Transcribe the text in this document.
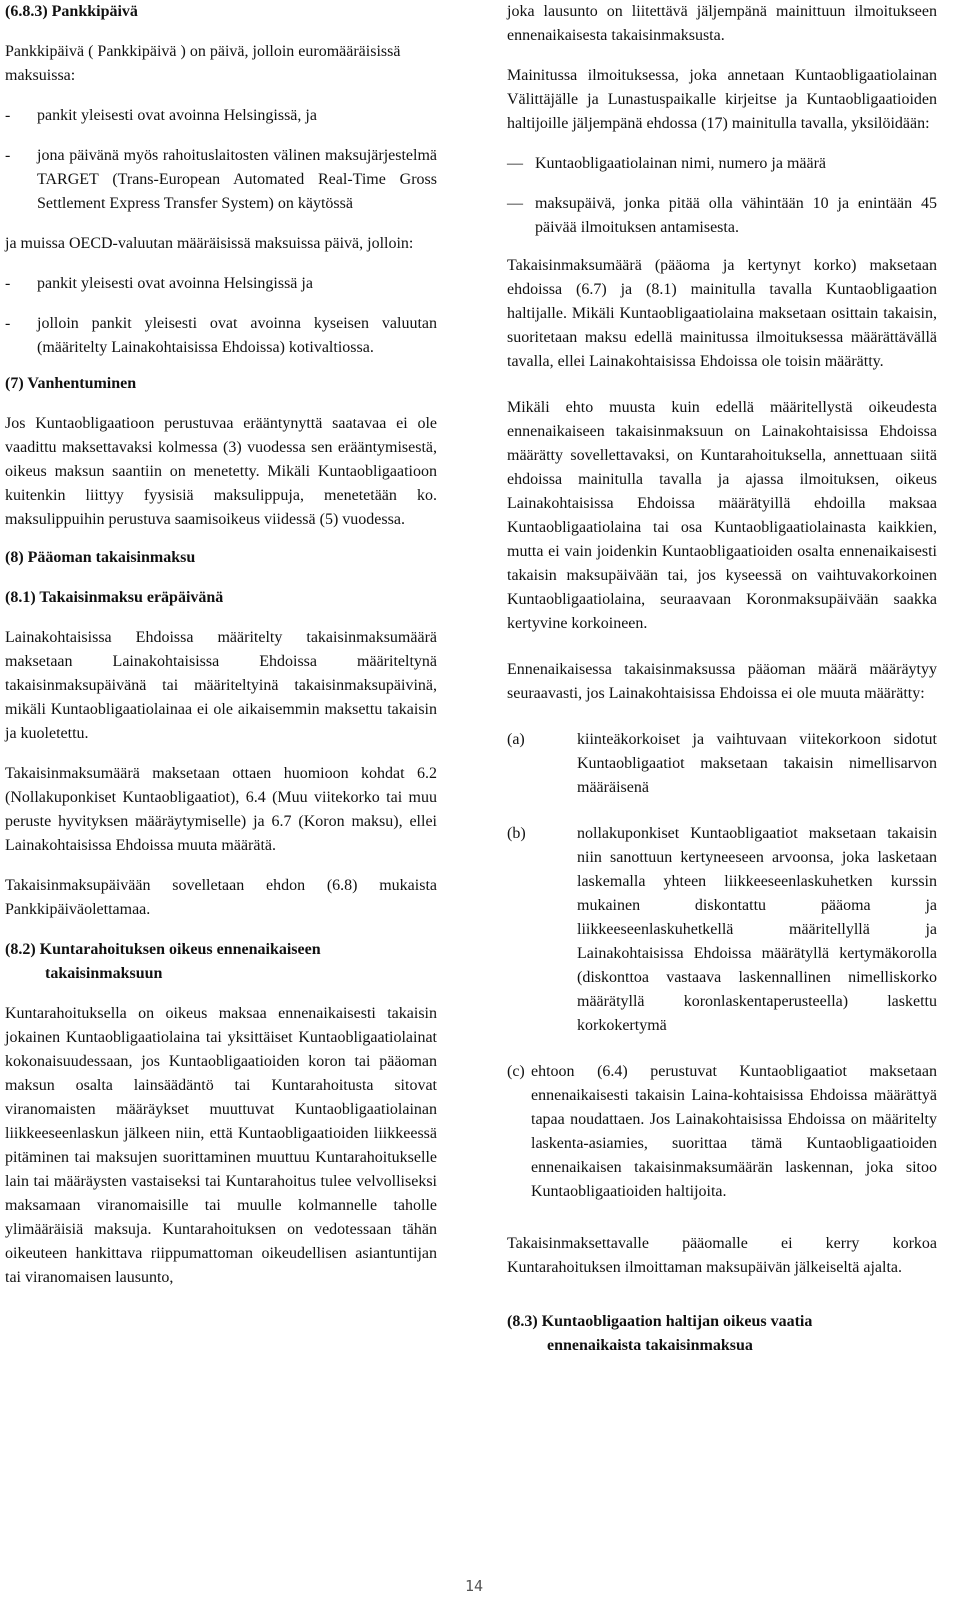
(6.8.3) Pankkipäivä

Pankkipäivä ( Pankkipäivä ) on päivä, jolloin euromääräisissä maksuissa:

-	pankit yleisesti ovat avoinna Helsingissä, ja
-	jona päivänä myös rahoituslaitosten välinen maksujärjestelmä TARGET (Trans-European Automated Real-Time Gross Settlement Express Transfer System) on käytössä

ja muissa OECD-valuutan määräisissä maksuissa päivä, jolloin:

-	pankit yleisesti ovat avoinna Helsingissä ja
-	jolloin pankit yleisesti ovat avoinna kyseisen valuutan (määritelty Lainakohtaisissa Ehdoissa) kotivaltiossa.

(7) Vanhentuminen

Jos Kuntaobligaatioon perustuvaa erääntynyttä saatavaa ei ole vaadittu maksettavaksi kolmessa (3) vuodessa sen erääntymisestä, oikeus maksun saantiin on menetetty. Mikäli Kuntaobligaatioon kuitenkin liittyy fyysisiä maksulippuja, menetetään ko. maksulippuihin perustuva saamisoikeus viidessä (5) vuodessa.

(8) Pääoman takaisinmaksu

(8.1) Takaisinmaksu eräpäivänä

Lainakohtaisissa Ehdoissa määritelty takaisinmaksumäärä maksetaan Lainakohtaisissa Ehdoissa määriteltynä takaisinmaksupäivänä tai määriteltyinä takaisinmaksupäivinä, mikäli Kuntaobligaatiolainaa ei ole aikaisemmin maksettu takaisin ja kuoletettu.

Takaisinmaksumäärä maksetaan ottaen huomioon kohdat 6.2 (Nollakuponkiset Kuntaobligaatiot), 6.4 (Muu viitekorko tai muu peruste hyvityksen määräytymiselle) ja 6.7 (Koron maksu), ellei Lainakohtaisissa Ehdoissa muuta määrätä.

Takaisinmaksupäivään sovelletaan ehdon (6.8) mukaista Pankkipäiväolettamaa.

(8.2) Kuntarahoituksen oikeus ennenaikaiseen

takaisinmaksuun

Kuntarahoituksella on oikeus maksaa ennenaikaisesti takaisin jokainen Kuntaobligaatiolaina tai yksittäiset Kuntaobligaatiolainat kokonaisuudessaan, jos Kuntaobligaatioiden koron tai pääoman maksun osalta lainsäädäntö tai Kuntarahoitusta sitovat viranomaisten määräykset muuttuvat Kuntaobligaatiolainan liikkeeseenlaskun jälkeen niin, että Kuntaobligaatioiden liikkeessä pitäminen tai maksujen suorittaminen muuttuu Kuntarahoitukselle lain tai määräysten vastaiseksi tai Kuntarahoitus tulee velvolliseksi maksamaan viranomaisille tai muulle kolmannelle taholle ylimääräisiä maksuja. Kuntarahoituksen on vedotessaan tähän oikeuteen hankittava riippumattoman oikeudellisen asiantuntijan tai viranomaisen lausunto,

joka lausunto on liitettävä jäljempänä mainittuun ilmoitukseen ennenaikaisesta takaisinmaksusta.

Mainitussa ilmoituksessa, joka annetaan Kuntaobligaatiolainan Välittäjälle ja Lunastuspaikalle kirjeitse ja Kuntaobligaatioiden haltijoille jäljempänä ehdossa (17) mainitulla tavalla, yksilöidään:

— Kuntaobligaatiolainan nimi, numero ja määrä
— maksupäivä, jonka pitää olla vähintään 10 ja enintään 45 päivää ilmoituksen antamisesta.

Takaisinmaksumäärä (pääoma ja kertynyt korko) maksetaan ehdoissa (6.7) ja (8.1) mainitulla tavalla Kuntaobligaation haltijalle. Mikäli Kuntaobligaatiolaina maksetaan osittain takaisin, suoritetaan maksu edellä mainitussa ilmoituksessa määrättävällä tavalla, ellei Lainakohtaisissa Ehdoissa ole toisin määrätty.

Mikäli ehto muusta kuin edellä määritellystä oikeudesta ennenaikaiseen takaisinmaksuun on Lainakohtaisissa Ehdoissa määrätty sovellettavaksi, on Kuntarahoituksella, annettuaan siitä ehdoissa mainitulla tavalla ja ajassa ilmoituksen, oikeus Lainakohtaisissa Ehdoissa määrätyillä ehdoilla maksaa Kuntaobligaatiolaina tai osa Kuntaobligaatiolainasta kaikkien, mutta ei vain joidenkin Kuntaobligaatioiden osalta ennenaikaisesti takaisin maksupäivään tai, jos kyseessä on vaihtuvakorkoinen Kuntaobligaatiolaina, seuraavaan Koronmaksupäivään saakka kertyvine korkoineen.

Ennenaikaisessa takaisinmaksussa pääoman määrä määräytyy seuraavasti, jos Lainakohtaisissa Ehdoissa ei ole muuta määrätty:

(a)	kiinteäkorkoiset ja vaihtuvaan viitekorkoon sidotut Kuntaobligaatiot maksetaan takaisin nimellisarvon määräisenä
(b)	nollakuponkiset Kuntaobligaatiot maksetaan takaisin niin sanottuun kertyneeseen arvoonsa, joka lasketaan laskemalla yhteen liikkeeseenlaskuhetken kurssin mukainen diskontattu pääoma ja liikkeeseenlaskuhetkellä määritellyllä ja Lainakohtaisissa Ehdoissa määrätyllä kertymäkorolla (diskonttoa vastaava laskennallinen nimelliskorko määrätyllä koronlaskentaperusteella) laskettu korkokertymä
(c) ehtoon (6.4) perustuvat Kuntaobligaatiot maksetaan ennenaikaisesti takaisin Laina-kohtaisissa Ehdoissa määrättyä tapaa noudattaen. Jos Lainakohtaisissa Ehdoissa on määritelty laskenta-asiamies, suorittaa tämä Kuntaobligaatioiden ennenaikaisen takaisinmaksumäärän laskennan, joka sitoo Kuntaobligaatioiden haltijoita.

Takaisinmaksettavalle pääomalle ei kerry korkoa Kuntarahoituksen ilmoittaman maksupäivän jälkeiseltä ajalta.

(8.3) Kuntaobligaation haltijan oikeus vaatia

ennenaikaista takaisinmaksua

14
